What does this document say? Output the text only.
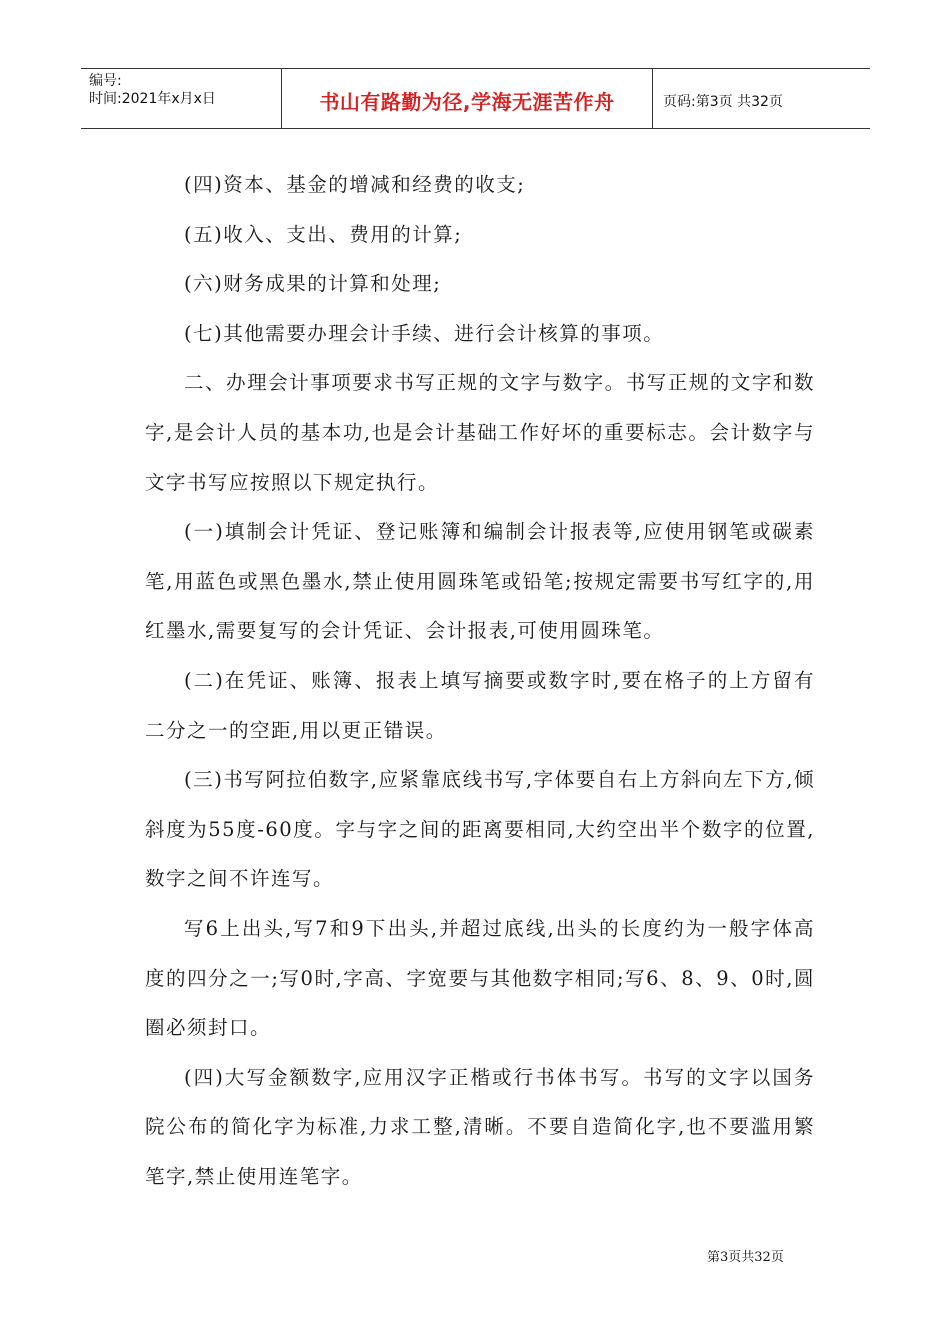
编号:
时间:2021年x月x日	书山有路勤为径,学海无涯苦作舟	页码:第3页 共32页

(四)资本、基金的增减和经费的收支;

(五)收入、支出、费用的计算;

(六)财务成果的计算和处理;

(七)其他需要办理会计手续、进行会计核算的事项。

二、办理会计事项要求书写正规的文字与数字。书写正规的文字和数字,是会计人员的基本功,也是会计基础工作好坏的重要标志。会计数字与文字书写应按照以下规定执行。

(一)填制会计凭证、登记账簿和编制会计报表等,应使用钢笔或碳素笔,用蓝色或黑色墨水,禁止使用圆珠笔或铅笔;按规定需要书写红字的,用红墨水,需要复写的会计凭证、会计报表,可使用圆珠笔。

(二)在凭证、账簿、报表上填写摘要或数字时,要在格子的上方留有二分之一的空距,用以更正错误。

(三)书写阿拉伯数字,应紧靠底线书写,字体要自右上方斜向左下方,倾斜度为55度-60度。字与字之间的距离要相同,大约空出半个数字的位置,数字之间不许连写。

写6上出头,写7和9下出头,并超过底线,出头的长度约为一般字体高度的四分之一;写0时,字高、字宽要与其他数字相同;写6、8、9、0时,圆圈必须封口。

(四)大写金额数字,应用汉字正楷或行书体书写。书写的文字以国务院公布的简化字为标准,力求工整,清晰。不要自造简化字,也不要滥用繁笔字,禁止使用连笔字。

第3页共32页
